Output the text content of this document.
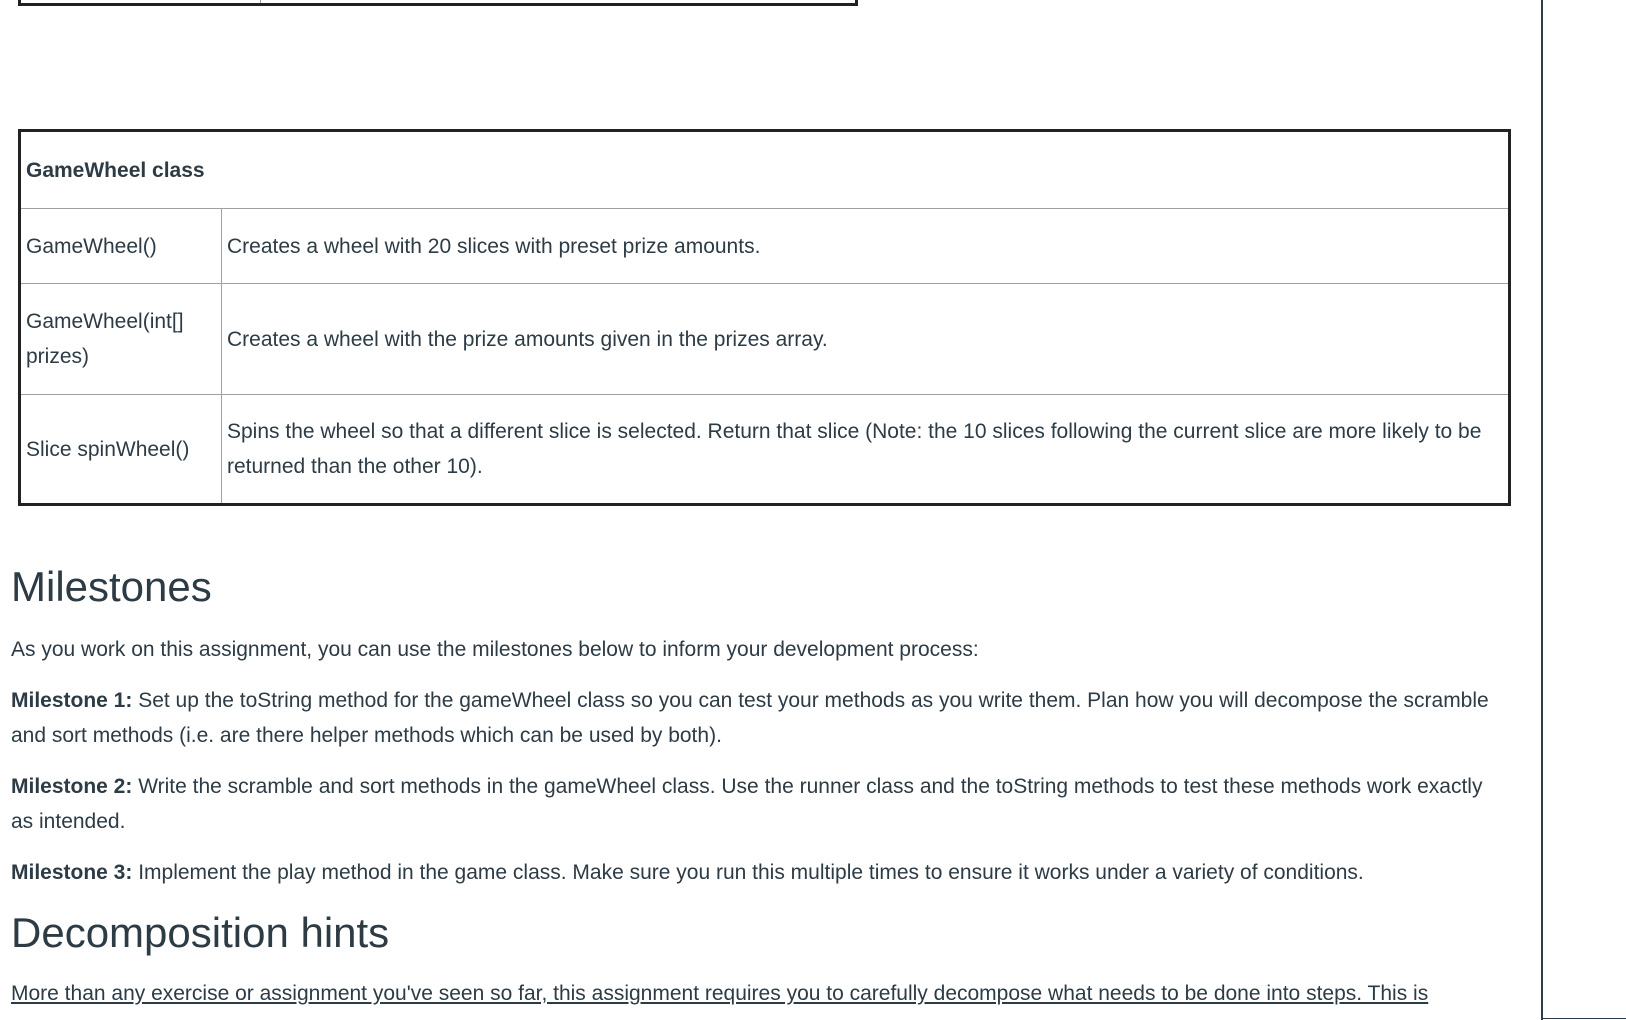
GameWheel class	
GameWheel()	Creates a wheel with 20 slices with preset prize amounts.
GameWheel(int[] prizes)	Creates a wheel with the prize amounts given in the prizes array.
Slice spinWheel()	Spins the wheel so that a different slice is selected. Return that slice (Note: the 10 slices following the current slice are more likely to be returned than the other 10).
Milestones

As you work on this assignment, you can use the milestones below to inform your development process:

Milestone 1: Set up the toString method for the gameWheel class so you can test your methods as you write them. Plan how you will decompose the scramble and sort methods (i.e. are there helper methods which can be used by both).

Milestone 2: Write the scramble and sort methods in the gameWheel class. Use the runner class and the toString methods to test these methods work exactly as intended.

Milestone 3: Implement the play method in the game class. Make sure you run this multiple times to ensure it works under a variety of conditions.

Decomposition hints

More than any exercise or assignment you've seen so far, this assignment requires you to carefully decompose what needs to be done into steps. This is
